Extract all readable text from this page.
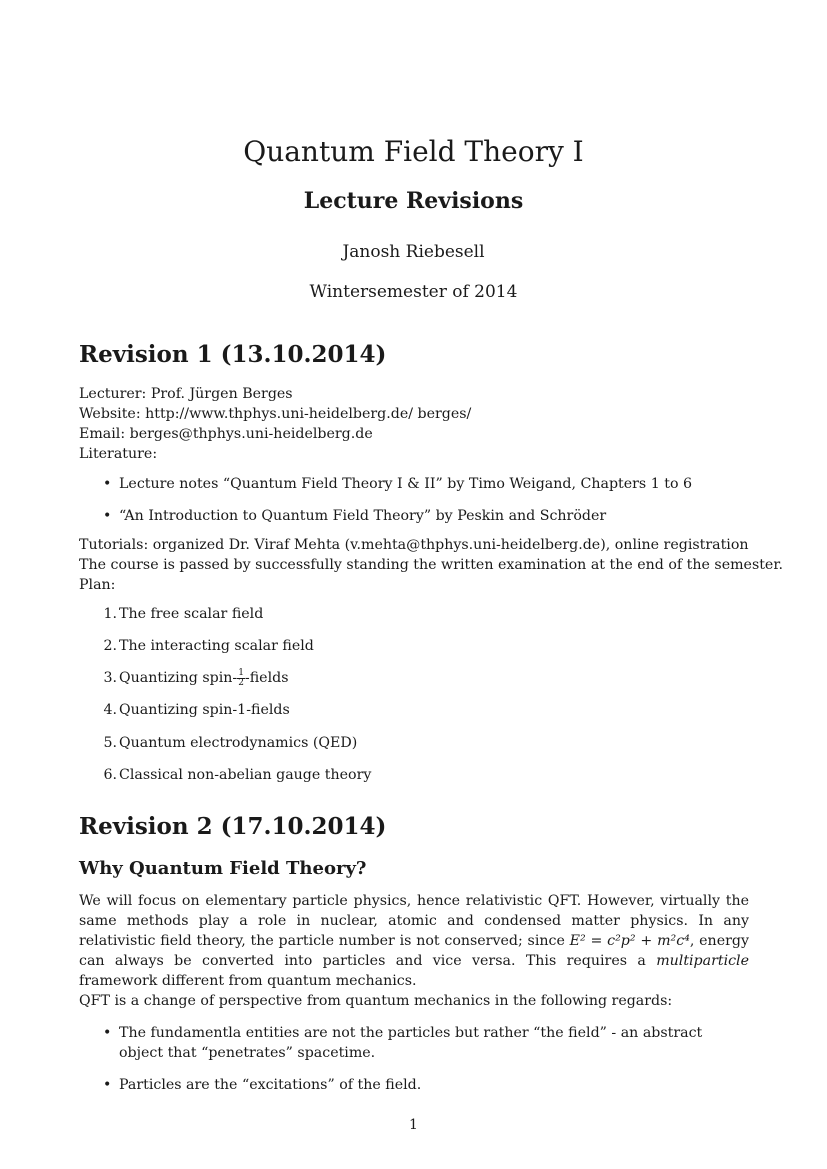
Quantum Field Theory I
Lecture Revisions
Janosh Riebesell
Wintersemester of 2014
Revision 1 (13.10.2014)
Lecturer: Prof. Jürgen Berges
Website: http://www.thphys.uni-heidelberg.de/ berges/
Email: berges@thphys.uni-heidelberg.de
Literature:
• Lecture notes “Quantum Field Theory I & II” by Timo Weigand, Chapters 1 to 6
• “An Introduction to Quantum Field Theory” by Peskin and Schröder
Tutorials: organized Dr. Viraf Mehta (v.mehta@thphys.uni-heidelberg.de), online registration
The course is passed by successfully standing the written examination at the end of the semester.
Plan:
1. The free scalar field
2. The interacting scalar field
3. Quantizing spin- $\frac{1}{2}$ -fields
4. Quantizing spin-1-fields
5. Quantum electrodynamics (QED)
6. Classical non-abelian gauge theory
Revision 2 (17.10.2014)
Why Quantum Field Theory?
We will focus on elementary particle physics, hence relativistic QFT. However, virtually the same methods play a role in nuclear, atomic and condensed matter physics. In any relativistic field theory, the particle number is not conserved; since E² = c²p² + m²c⁴, energy can always be converted into particles and vice versa. This requires a multiparticle framework different from quantum mechanics.
QFT is a change of perspective from quantum mechanics in the following regards:
• The fundamentla entities are not the particles but rather “the field” - an abstract object that “penetrates” spacetime.
• Particles are the “excitations” of the field.
1
